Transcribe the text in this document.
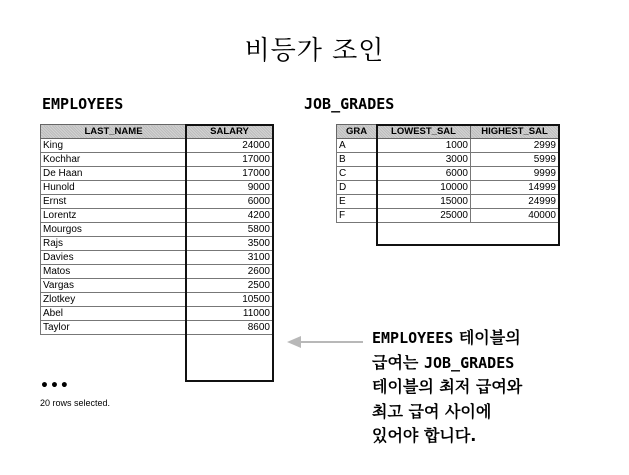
비등가 조인
EMPLOYEES	JOB_GRADES
LAST_NAME	SALARY
King	24000
Kochhar	17000
De Haan	17000
Hunold	9000
Ernst	6000
Lorentz	4200
Mourgos	5800
Rajs	3500
Davies	3100
Matos	2600
Vargas	2500
Zlotkey	10500
Abel	11000
Taylor	8600
•••
20 rows selected.
GRA	LOWEST_SAL	HIGHEST_SAL
A	1000	2999
B	3000	5999
C	6000	9999
D	10000	14999
E	15000	24999
F	25000	40000
EMPLOYEES 테이블의
급여는 JOB_GRADES
테이블의 최저 급여와
최고 급여 사이에
있어야 합니다.
